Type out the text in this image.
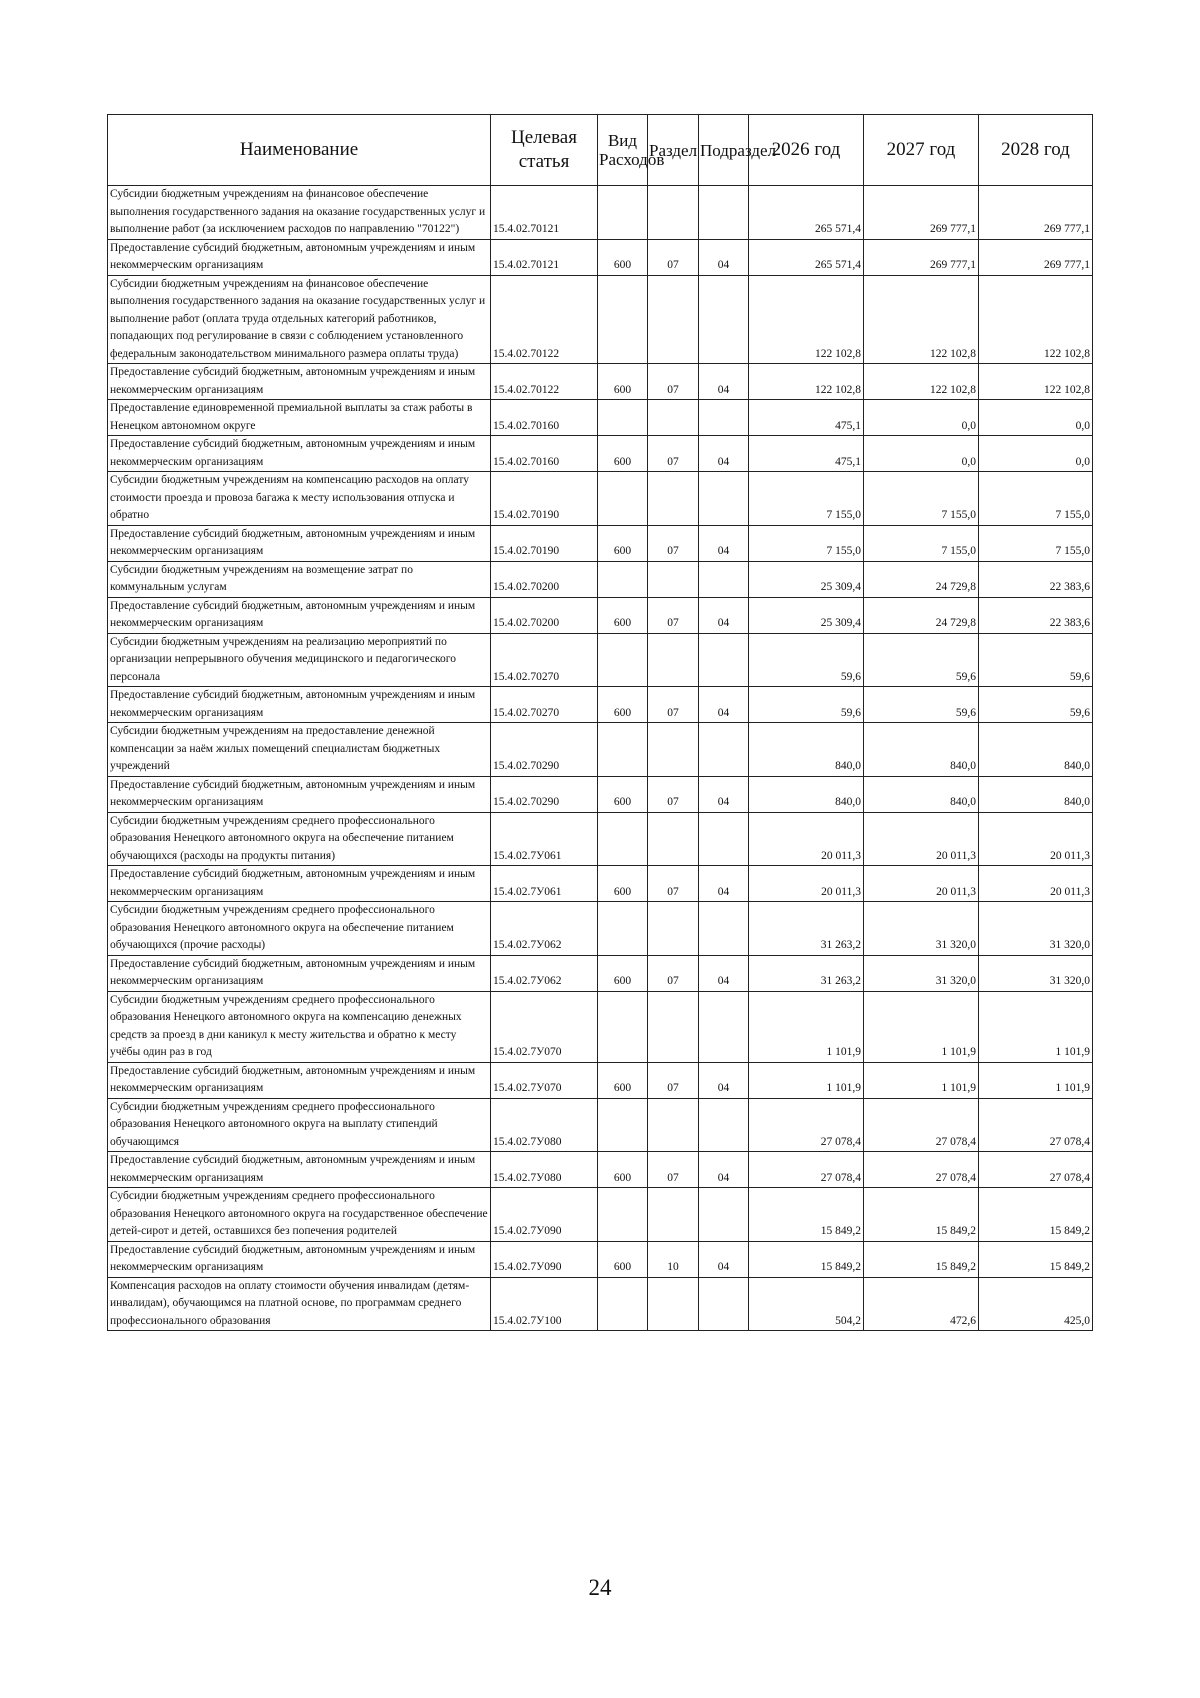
Наименование	Целевая статья	Вид Расходов	Раздел	Подраздел	2026 год	2027 год	2028 год
Субсидии бюджетным учреждениям на финансовое обеспечение выполнения государственного задания на оказание государственных услуг и выполнение работ (за исключением расходов по направлению "70122")	15.4.02.70121				265 571,4	269 777,1	269 777,1
Предоставление субсидий бюджетным, автономным учреждениям и иным некоммерческим организациям	15.4.02.70121	600	07	04	265 571,4	269 777,1	269 777,1
Субсидии бюджетным учреждениям на финансовое обеспечение выполнения государственного задания на оказание государственных услуг и выполнение работ (оплата труда отдельных категорий работников, попадающих под регулирование в связи с соблюдением установленного федеральным законодательством минимального размера оплаты труда)	15.4.02.70122				122 102,8	122 102,8	122 102,8
Предоставление субсидий бюджетным, автономным учреждениям и иным некоммерческим организациям	15.4.02.70122	600	07	04	122 102,8	122 102,8	122 102,8
Предоставление единовременной премиальной выплаты за стаж работы в Ненецком автономном округе	15.4.02.70160				475,1	0,0	0,0
Предоставление субсидий бюджетным, автономным учреждениям и иным некоммерческим организациям	15.4.02.70160	600	07	04	475,1	0,0	0,0
Субсидии бюджетным учреждениям на компенсацию расходов на оплату стоимости проезда и провоза багажа к месту использования отпуска и обратно	15.4.02.70190				7 155,0	7 155,0	7 155,0
Предоставление субсидий бюджетным, автономным учреждениям и иным некоммерческим организациям	15.4.02.70190	600	07	04	7 155,0	7 155,0	7 155,0
Субсидии бюджетным учреждениям на возмещение затрат по коммунальным услугам	15.4.02.70200				25 309,4	24 729,8	22 383,6
Предоставление субсидий бюджетным, автономным учреждениям и иным некоммерческим организациям	15.4.02.70200	600	07	04	25 309,4	24 729,8	22 383,6
Субсидии бюджетным учреждениям на реализацию мероприятий по организации непрерывного обучения медицинского и педагогического персонала	15.4.02.70270				59,6	59,6	59,6
Предоставление субсидий бюджетным, автономным учреждениям и иным некоммерческим организациям	15.4.02.70270	600	07	04	59,6	59,6	59,6
Субсидии бюджетным учреждениям на предоставление денежной компенсации за наём жилых помещений специалистам бюджетных учреждений	15.4.02.70290				840,0	840,0	840,0
Предоставление субсидий бюджетным, автономным учреждениям и иным некоммерческим организациям	15.4.02.70290	600	07	04	840,0	840,0	840,0
Субсидии бюджетным учреждениям среднего профессионального образования Ненецкого автономного округа на обеспечение питанием обучающихся (расходы на продукты питания)	15.4.02.7У061				20 011,3	20 011,3	20 011,3
Предоставление субсидий бюджетным, автономным учреждениям и иным некоммерческим организациям	15.4.02.7У061	600	07	04	20 011,3	20 011,3	20 011,3
Субсидии бюджетным учреждениям среднего профессионального образования Ненецкого автономного округа на обеспечение питанием обучающихся (прочие расходы)	15.4.02.7У062				31 263,2	31 320,0	31 320,0
Предоставление субсидий бюджетным, автономным учреждениям и иным некоммерческим организациям	15.4.02.7У062	600	07	04	31 263,2	31 320,0	31 320,0
Субсидии бюджетным учреждениям среднего профессионального образования Ненецкого автономного округа на компенсацию денежных средств за проезд в дни каникул к месту жительства и обратно к месту учёбы один раз в год	15.4.02.7У070				1 101,9	1 101,9	1 101,9
Предоставление субсидий бюджетным, автономным учреждениям и иным некоммерческим организациям	15.4.02.7У070	600	07	04	1 101,9	1 101,9	1 101,9
Субсидии бюджетным учреждениям среднего профессионального образования Ненецкого автономного округа на выплату стипендий обучающимся	15.4.02.7У080				27 078,4	27 078,4	27 078,4
Предоставление субсидий бюджетным, автономным учреждениям и иным некоммерческим организациям	15.4.02.7У080	600	07	04	27 078,4	27 078,4	27 078,4
Субсидии бюджетным учреждениям среднего профессионального образования Ненецкого автономного округа на государственное обеспечение детей-сирот и детей, оставшихся без попечения родителей	15.4.02.7У090				15 849,2	15 849,2	15 849,2
Предоставление субсидий бюджетным, автономным учреждениям и иным некоммерческим организациям	15.4.02.7У090	600	10	04	15 849,2	15 849,2	15 849,2
Компенсация расходов на оплату стоимости обучения инвалидам (детям-инвалидам), обучающимся на платной основе, по программам среднего профессионального образования	15.4.02.7У100				504,2	472,6	425,0
24
